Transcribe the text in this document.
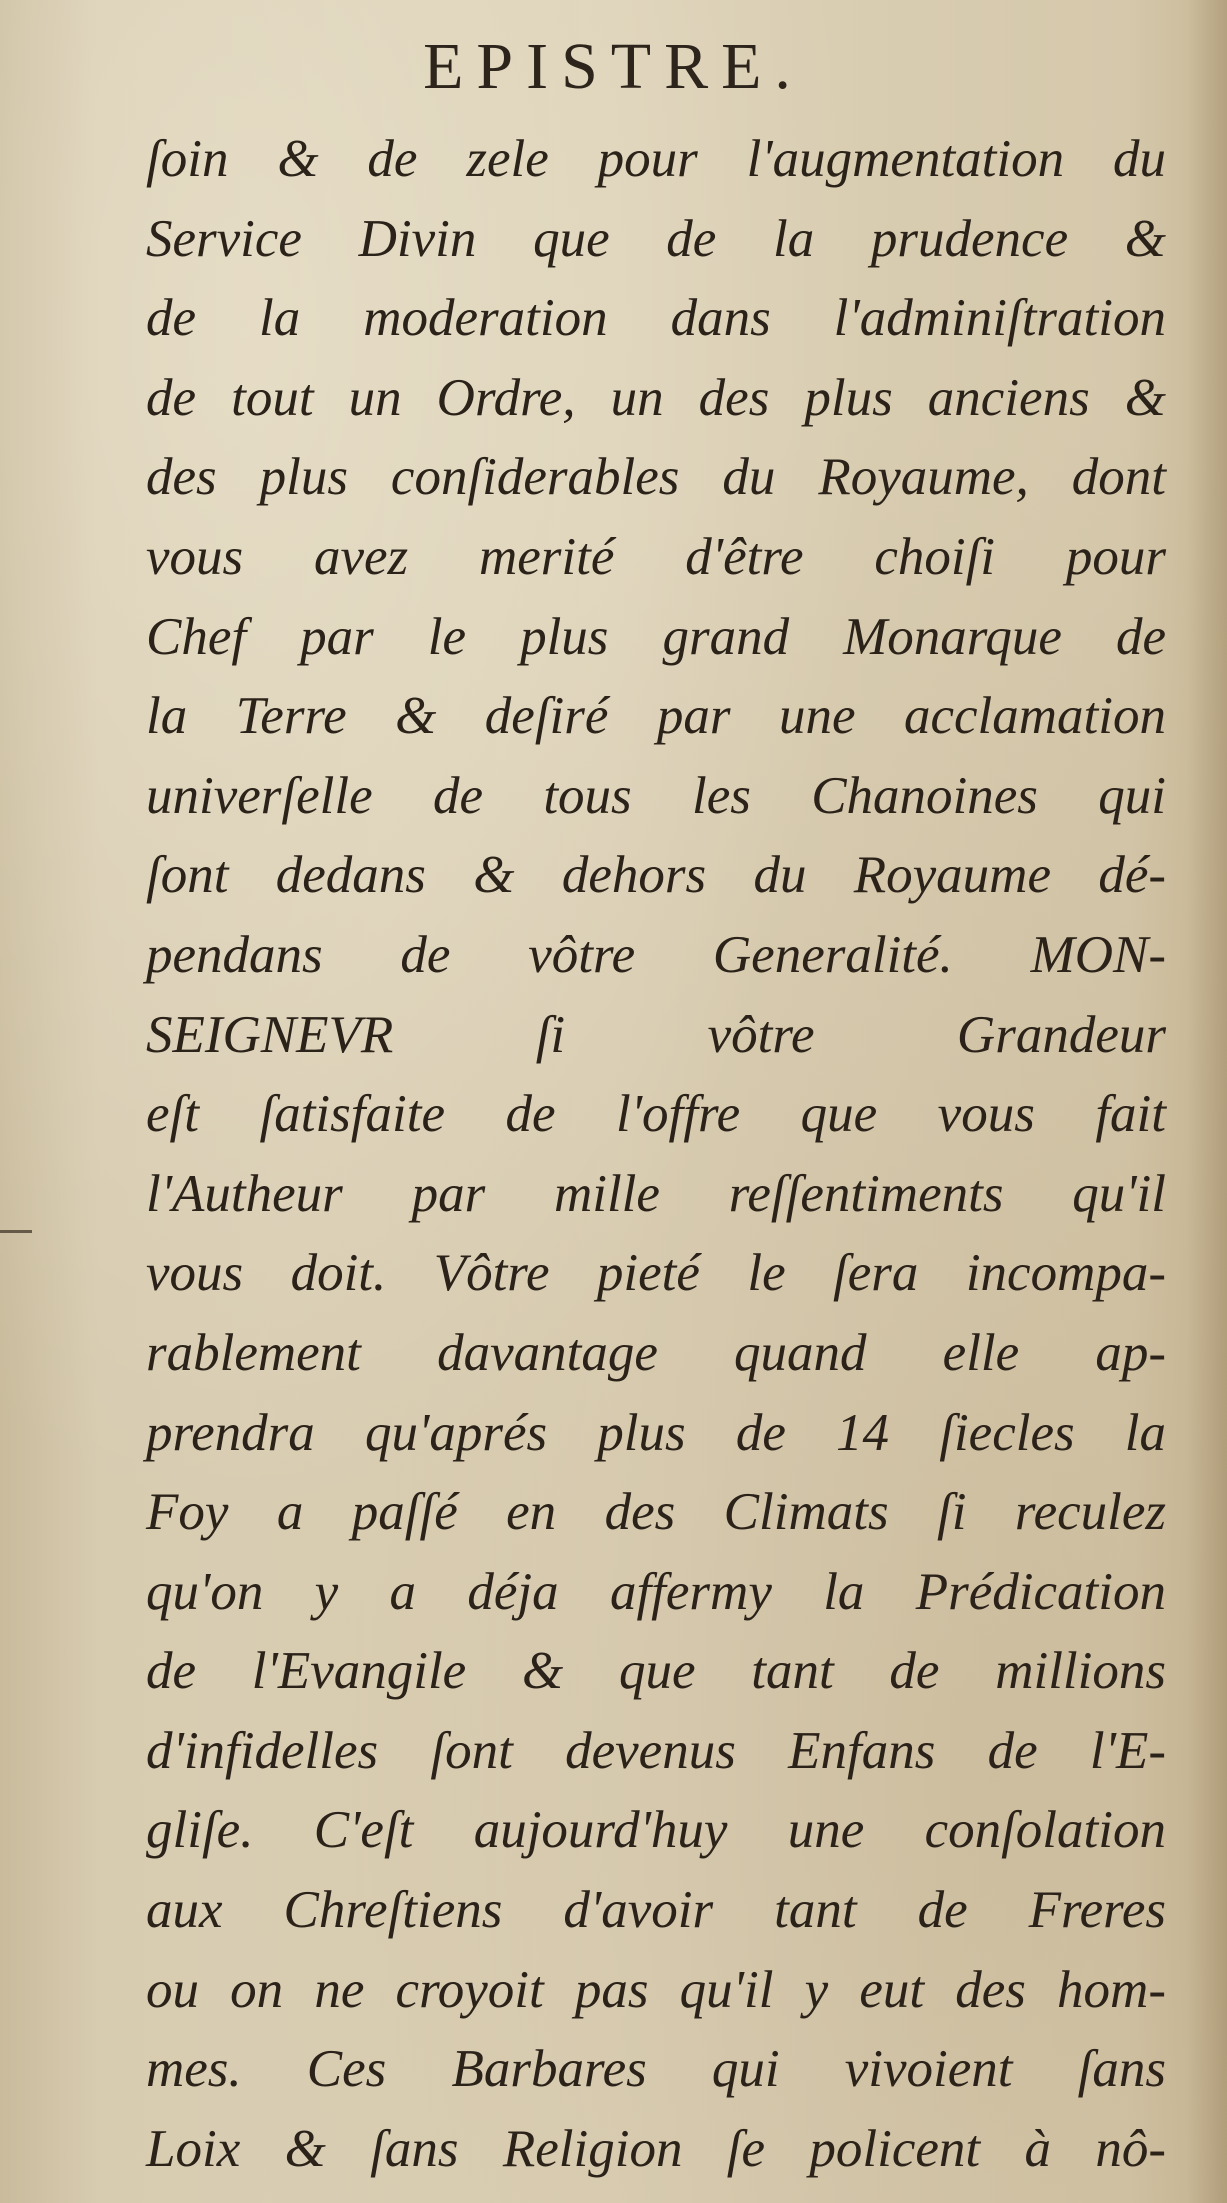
EPISTRE.
ſoin & de zele pour l'augmentation du
Service Divin que de la prudence &
de la moderation dans l'adminiſtration
de tout un Ordre, un des plus anciens &
des plus conſiderables du Royaume, dont
vous avez merité d'être choiſi pour
Chef par le plus grand Monarque de
la Terre & deſiré par une acclamation
univerſelle de tous les Chanoines qui
ſont dedans & dehors du Royaume dé-
pendans de vôtre Generalité. MON-
SEIGNEVR ſi vôtre Grandeur
eſt ſatisfaite de l'offre que vous fait
l'Autheur par mille reſſentiments qu'il
vous doit. Vôtre pieté le ſera incompa-
rablement davantage quand elle ap-
prendra qu'aprés plus de 14 ſiecles la
Foy a paſſé en des Climats ſi reculez
qu'on y a déja affermy la Prédication
de l'Evangile & que tant de millions
d'infidelles ſont devenus Enfans de l'E-
gliſe. C'eſt aujourd'huy une conſolation
aux Chreſtiens d'avoir tant de Freres
ou on ne croyoit pas qu'il y eut des hom-
mes. Ces Barbares qui vivoient ſans
Loix & ſans Religion ſe policent à nô-
